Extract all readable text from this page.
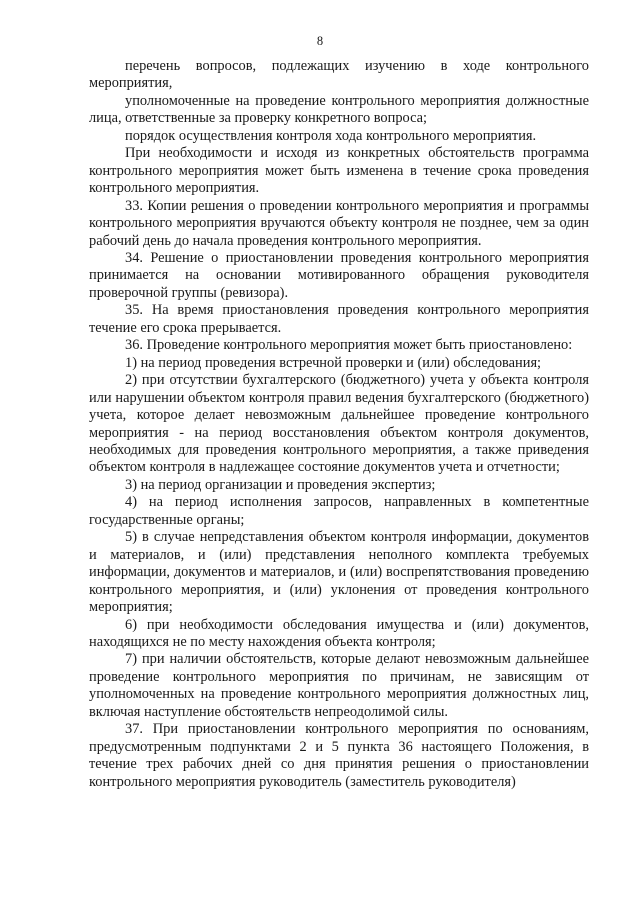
8

перечень вопросов, подлежащих изучению в ходе контрольного мероприятия,

уполномоченные на проведение контрольного мероприятия должностные лица, ответственные за проверку конкретного вопроса;

порядок осуществления контроля хода контрольного мероприятия.

При необходимости и исходя из конкретных обстоятельств программа контрольного мероприятия может быть изменена в течение срока проведения контрольного мероприятия.

33. Копии решения о проведении контрольного мероприятия и программы контрольного мероприятия вручаются объекту контроля не позднее, чем за один рабочий день до начала проведения контрольного мероприятия.

34. Решение о приостановлении проведения контрольного мероприятия принимается на основании мотивированного обращения руководителя проверочной группы (ревизора).

35. На время приостановления проведения контрольного мероприятия течение его срока прерывается.

36. Проведение контрольного мероприятия может быть приостановлено:

1) на период проведения встречной проверки и (или) обследования;

2) при отсутствии бухгалтерского (бюджетного) учета у объекта контроля или нарушении объектом контроля правил ведения бухгалтерского (бюджетного) учета, которое делает невозможным дальнейшее проведение контрольного мероприятия - на период восстановления объектом контроля документов, необходимых для проведения контрольного мероприятия, а также приведения объектом контроля в надлежащее состояние документов учета и отчетности;

3) на период организации и проведения экспертиз;

4) на период исполнения запросов, направленных в компетентные государственные органы;

5) в случае непредставления объектом контроля информации, документов и материалов, и (или) представления неполного комплекта требуемых информации, документов и материалов, и (или) воспрепятствования проведению контрольного мероприятия, и (или) уклонения от проведения контрольного мероприятия;

6) при необходимости обследования имущества и (или) документов, находящихся не по месту нахождения объекта контроля;

7) при наличии обстоятельств, которые делают невозможным дальнейшее проведение контрольного мероприятия по причинам, не зависящим от уполномоченных на проведение контрольного мероприятия должностных лиц, включая наступление обстоятельств непреодолимой силы.

37. При приостановлении контрольного мероприятия по основаниям, предусмотренным подпунктами 2 и 5 пункта 36 настоящего Положения, в течение трех рабочих дней со дня принятия решения о приостановлении контрольного мероприятия руководитель (заместитель руководителя)
